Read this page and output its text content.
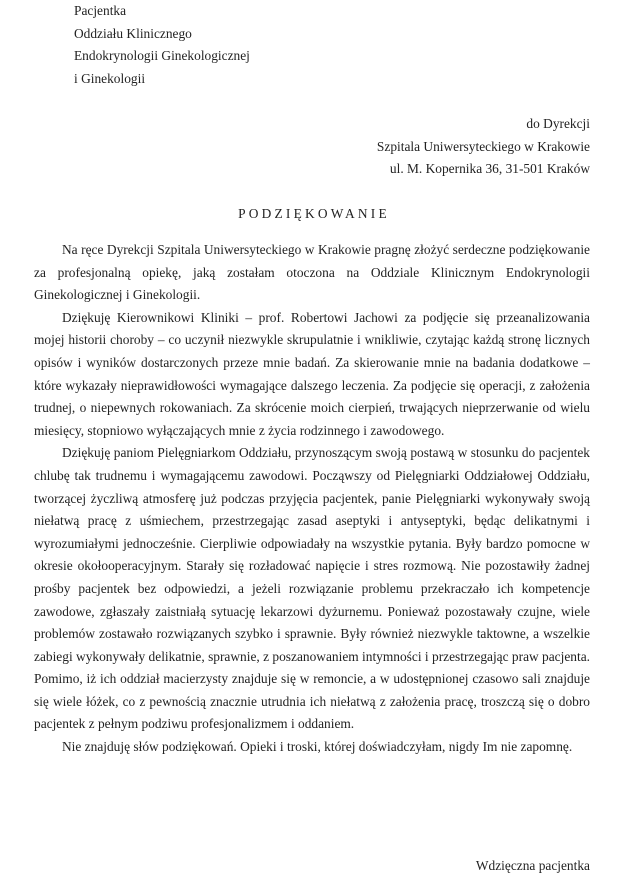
Pacjentka
Oddziału Klinicznego
Endokrynologii Ginekologicznej
i Ginekologii
do Dyrekcji
Szpitala Uniwersyteckiego w Krakowie
ul. M. Kopernika 36, 31-501 Kraków
PODZIĘKOWANIE

Na ręce Dyrekcji Szpitala Uniwersyteckiego w Krakowie pragnę złożyć serdeczne podziękowanie za profesjonalną opiekę, jaką zostałam otoczona na Oddziale Klinicznym Endokrynologii Ginekologicznej i Ginekologii.

Dziękuję Kierownikowi Kliniki – prof. Robertowi Jachowi za podjęcie się przeanalizowania mojej historii choroby – co uczynił niezwykle skrupulatnie i wnikliwie, czytając każdą stronę licznych opisów i wyników dostarczonych przeze mnie badań. Za skierowanie mnie na badania dodatkowe – które wykazały nieprawidłowości wymagające dalszego leczenia. Za podjęcie się operacji, z założenia trudnej, o niepewnych rokowaniach. Za skrócenie moich cierpień, trwających nieprzerwanie od wielu miesięcy, stopniowo wyłączających mnie z życia rodzinnego i zawodowego.

Dziękuję paniom Pielęgniarkom Oddziału, przynoszącym swoją postawą w stosunku do pacjentek chlubę tak trudnemu i wymagającemu zawodowi. Począwszy od Pielęgniarki Oddziałowej Oddziału, tworzącej życzliwą atmosferę już podczas przyjęcia pacjentek, panie Pielęgniarki wykonywały swoją niełatwą pracę z uśmiechem, przestrzegając zasad aseptyki i antyseptyki, będąc delikatnymi i wyrozumiałymi jednocześnie. Cierpliwie odpowiadały na wszystkie pytania. Były bardzo pomocne w okresie okołooperacyjnym. Starały się rozładować napięcie i stres rozmową. Nie pozostawiły żadnej prośby pacjentek bez odpowiedzi, a jeżeli rozwiązanie problemu przekraczało ich kompetencje zawodowe, zgłaszały zaistniałą sytuację lekarzowi dyżurnemu. Ponieważ pozostawały czujne, wiele problemów zostawało rozwiązanych szybko i sprawnie. Były również niezwykle taktowne, a wszelkie zabiegi wykonywały delikatnie, sprawnie, z poszanowaniem intymności i przestrzegając praw pacjenta. Pomimo, iż ich oddział macierzysty znajduje się w remoncie, a w udostępnionej czasowo sali znajduje się wiele łóżek, co z pewnością znacznie utrudnia ich niełatwą z założenia pracę, troszczą się o dobro pacjentek z pełnym podziwu profesjonalizmem i oddaniem.

Nie znajduję słów podziękowań. Opieki i troski, której doświadczyłam, nigdy Im nie zapomnę.

Wdzięczna pacjentka
